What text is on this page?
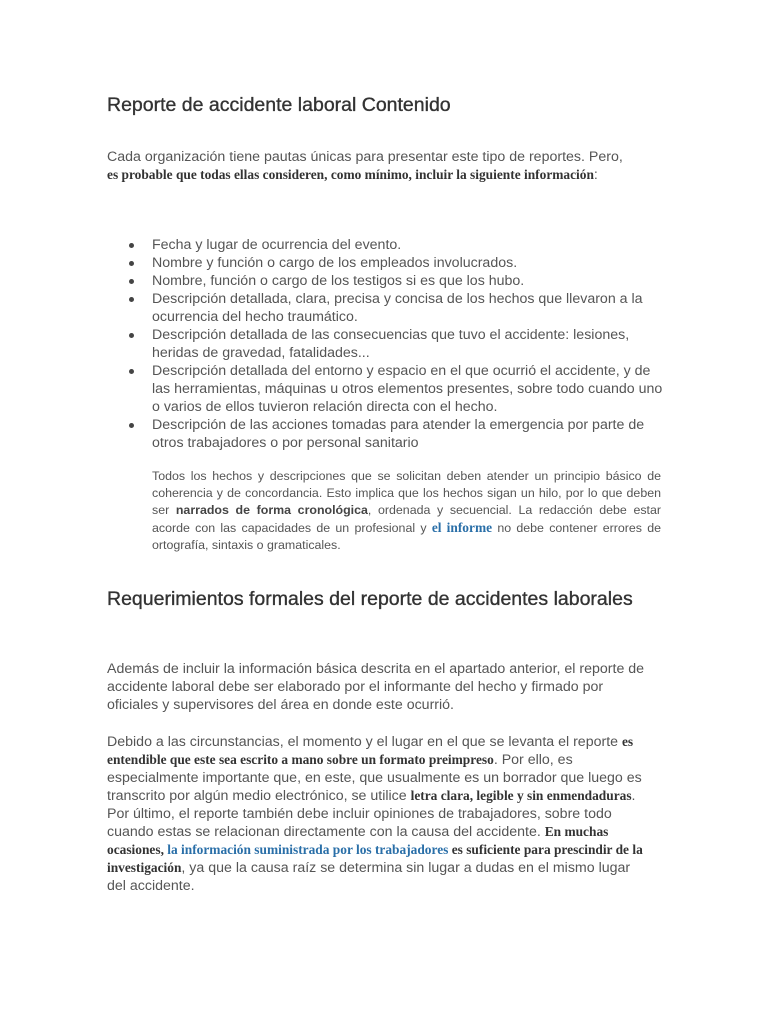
Reporte de accidente laboral Contenido

Cada organización tiene pautas únicas para presentar este tipo de reportes. Pero, es probable que todas ellas consideren, como mínimo, incluir la siguiente información:

Fecha y lugar de ocurrencia del evento.
Nombre y función o cargo de los empleados involucrados.
Nombre, función o cargo de los testigos si es que los hubo.
Descripción detallada, clara, precisa y concisa de los hechos que llevaron a la ocurrencia del hecho traumático.
Descripción detallada de las consecuencias que tuvo el accidente: lesiones, heridas de gravedad, fatalidades...
Descripción detallada del entorno y espacio en el que ocurrió el accidente, y de las herramientas, máquinas u otros elementos presentes, sobre todo cuando uno o varios de ellos tuvieron relación directa con el hecho.
Descripción de las acciones tomadas para atender la emergencia por parte de otros trabajadores o por personal sanitario

Todos los hechos y descripciones que se solicitan deben atender un principio básico de coherencia y de concordancia. Esto implica que los hechos sigan un hilo, por lo que deben ser narrados de forma cronológica, ordenada y secuencial. La redacción debe estar acorde con las capacidades de un profesional y el informe no debe contener errores de ortografía, sintaxis o gramaticales.

Requerimientos formales del reporte de accidentes laborales

Además de incluir la información básica descrita en el apartado anterior, el reporte de accidente laboral debe ser elaborado por el informante del hecho y firmado por oficiales y supervisores del área en donde este ocurrió.

Debido a las circunstancias, el momento y el lugar en el que se levanta el reporte es entendible que este sea escrito a mano sobre un formato preimpreso. Por ello, es especialmente importante que, en este, que usualmente es un borrador que luego es transcrito por algún medio electrónico, se utilice letra clara, legible y sin enmendaduras.
Por último, el reporte también debe incluir opiniones de trabajadores, sobre todo cuando estas se relacionan directamente con la causa del accidente. En muchas ocasiones, la información suministrada por los trabajadores es suficiente para prescindir de la investigación, ya que la causa raíz se determina sin lugar a dudas en el mismo lugar del accidente.
